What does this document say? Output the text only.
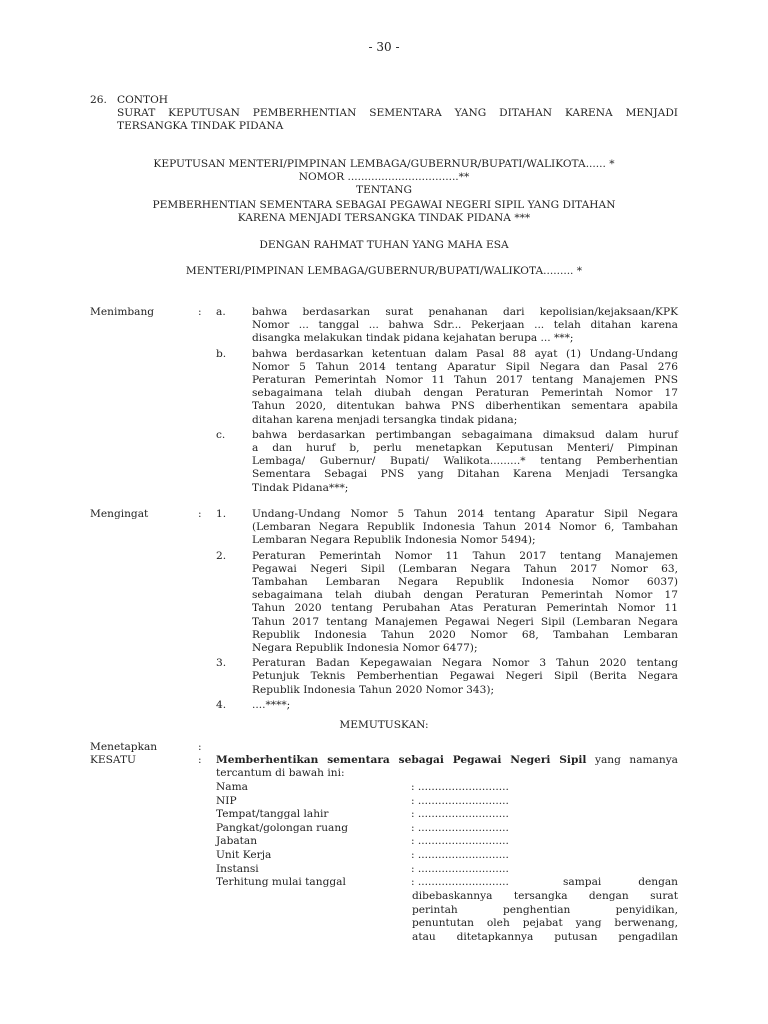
- 30 -
26. CONTOH
SURAT KEPUTUSAN PEMBERHENTIAN SEMENTARA YANG DITAHAN KARENA MENJADI
TERSANGKA TINDAK PIDANA
KEPUTUSAN MENTERI/PIMPINAN LEMBAGA/GUBERNUR/BUPATI/WALIKOTA...... *
NOMOR .................................**
TENTANG
PEMBERHENTIAN SEMENTARA SEBAGAI PEGAWAI NEGERI SIPIL YANG DITAHAN
KARENA MENJADI TERSANGKA TINDAK PIDANA ***
DENGAN RAHMAT TUHAN YANG MAHA ESA
MENTERI/PIMPINAN LEMBAGA/GUBERNUR/BUPATI/WALIKOTA......... *
Menimbang	: a. bahwa berdasarkan surat penahanan dari kepolisian/kejaksaan/KPK
Nomor ... tanggal ... bahwa Sdr... Pekerjaan ... telah ditahan karena
disangka melakukan tindak pidana kejahatan berupa ... ***;
b. bahwa berdasarkan ketentuan dalam Pasal 88 ayat (1) Undang-Undang
Nomor 5 Tahun 2014 tentang Aparatur Sipil Negara dan Pasal 276
Peraturan Pemerintah Nomor 11 Tahun 2017 tentang Manajemen PNS
sebagaimana telah diubah dengan Peraturan Pemerintah Nomor 17
Tahun 2020, ditentukan bahwa PNS diberhentikan sementara apabila
ditahan karena menjadi tersangka tindak pidana;
c.	bahwa berdasarkan pertimbangan sebagaimana dimaksud dalam huruf
a dan huruf b, perlu menetapkan Keputusan Menteri/ Pimpinan
Lembaga/ Gubernur/ Bupati/ Walikota.........* tentang Pemberhentian
Sementara Sebagai PNS yang Ditahan Karena Menjadi Tersangka
Tindak Pidana***;
Mengingat	: 1. Undang-Undang Nomor 5 Tahun 2014 tentang Aparatur Sipil Negara
(Lembaran Negara Republik Indonesia Tahun 2014 Nomor 6, Tambahan
Lembaran Negara Republik Indonesia Nomor 5494);
2. Peraturan Pemerintah Nomor 11 Tahun 2017 tentang Manajemen
Pegawai Negeri Sipil (Lembaran Negara Tahun 2017 Nomor 63,
Tambahan Lembaran Negara Republik Indonesia Nomor 6037)
sebagaimana telah diubah dengan Peraturan Pemerintah Nomor 17
Tahun 2020 tentang Perubahan Atas Peraturan Pemerintah Nomor 11
Tahun 2017 tentang Manajemen Pegawai Negeri Sipil (Lembaran Negara
Republik Indonesia Tahun 2020 Nomor 68, Tambahan Lembaran
Negara Republik Indonesia Nomor 6477);
3. Peraturan Badan Kepegawaian Negara Nomor 3 Tahun 2020 tentang
Petunjuk Teknis Pemberhentian Pegawai Negeri Sipil (Berita Negara
Republik Indonesia Tahun 2020 Nomor 343);
4. ....****;
MEMUTUSKAN:
Menetapkan	:
KESATU	: Memberhentikan sementara sebagai Pegawai Negeri Sipil yang namanya
tercantum di bawah ini:
Nama	: ...........................
NIP	: ...........................
Tempat/tanggal lahir	: ...........................
Pangkat/golongan ruang	: ...........................
Jabatan	: ...........................
Unit Kerja	: ...........................
Instansi	: ...........................
Terhitung mulai tanggal	: ...........................	sampai dengan
dibebaskannya tersangka dengan surat
perintah penghentian penyidikan,
penuntutan oleh pejabat yang berwenang,
atau ditetapkannya putusan pengadilan
